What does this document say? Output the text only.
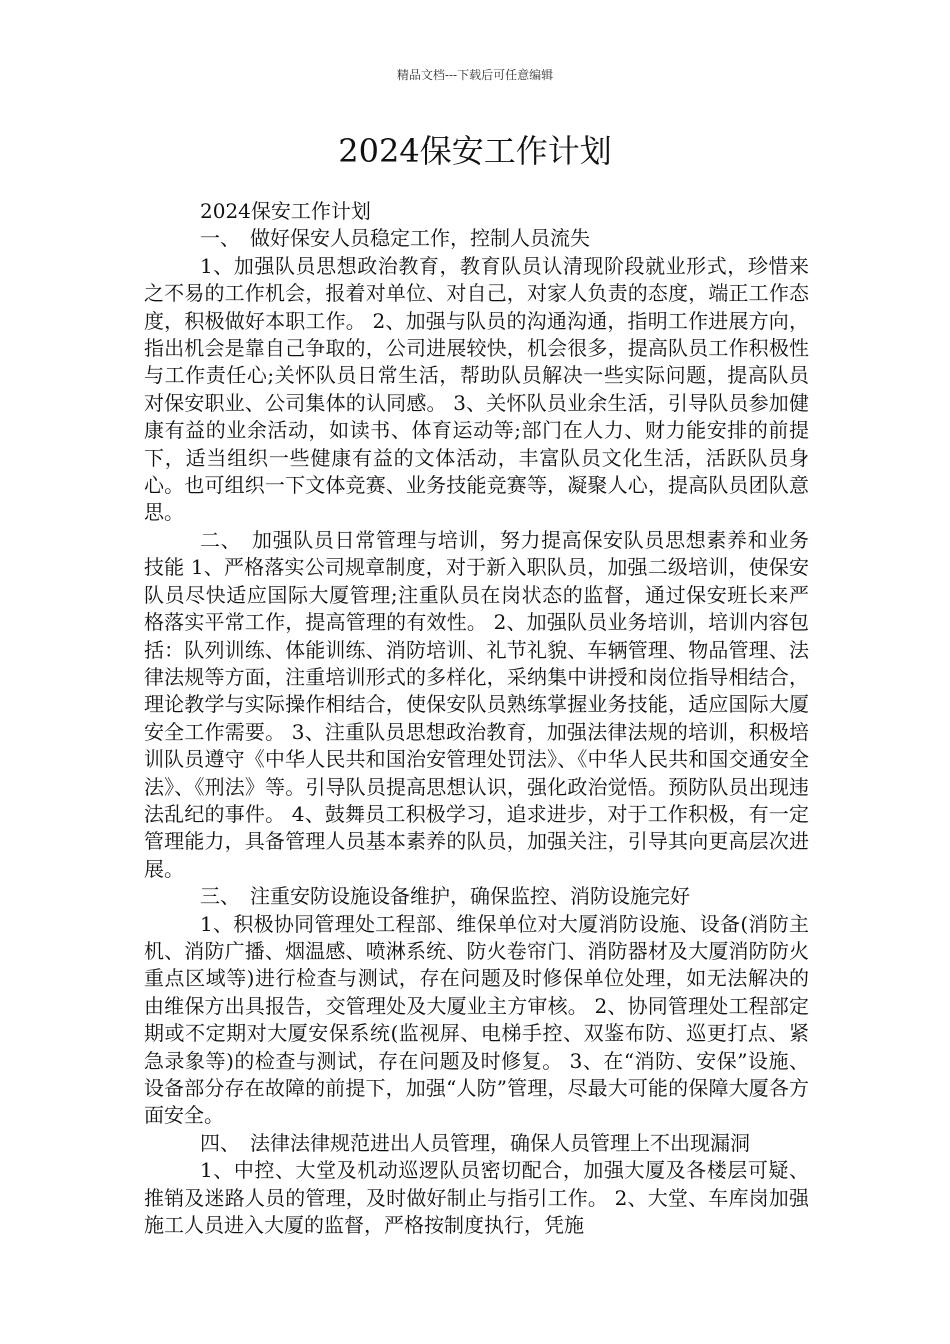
精品文档---下载后可任意编辑
2024保安工作计划

2024保安工作计划

一、　做好保安人员稳定工作，控制人员流失

1、加强队员思想政治教育，教育队员认清现阶段就业形式，珍惜来之不易的工作机会，报着对单位、对自己，对家人负责的态度，端正工作态度，积极做好本职工作。 2、加强与队员的沟通沟通，指明工作进展方向，指出机会是靠自己争取的，公司进展较快，机会很多，提高队员工作积极性与工作责任心;关怀队员日常生活，帮助队员解决一些实际问题，提高队员对保安职业、公司集体的认同感。 3、关怀队员业余生活，引导队员参加健康有益的业余活动，如读书、体育运动等;部门在人力、财力能安排的前提下，适当组织一些健康有益的文体活动，丰富队员文化生活，活跃队员身心。也可组织一下文体竞赛、业务技能竞赛等，凝聚人心，提高队员团队意思。

二、　加强队员日常管理与培训，努力提高保安队员思想素养和业务技能 1、严格落实公司规章制度，对于新入职队员，加强二级培训，使保安队员尽快适应国际大厦管理;注重队员在岗状态的监督，通过保安班长来严格落实平常工作，提高管理的有效性。 2、加强队员业务培训，培训内容包括：队列训练、体能训练、消防培训、礼节礼貌、车辆管理、物品管理、法律法规等方面，注重培训形式的多样化，采纳集中讲授和岗位指导相结合，理论教学与实际操作相结合，使保安队员熟练掌握业务技能，适应国际大厦安全工作需要。 3、注重队员思想政治教育，加强法律法规的培训，积极培训队员遵守《中华人民共和国治安管理处罚法》、《中华人民共和国交通安全法》、《刑法》等。引导队员提高思想认识，强化政治觉悟。预防队员出现违法乱纪的事件。 4、鼓舞员工积极学习，追求进步，对于工作积极，有一定管理能力，具备管理人员基本素养的队员，加强关注，引导其向更高层次进展。

三、　注重安防设施设备维护，确保监控、消防设施完好

1、积极协同管理处工程部、维保单位对大厦消防设施、设备(消防主机、消防广播、烟温感、喷淋系统、防火卷帘门、消防器材及大厦消防防火重点区域等)进行检查与测试，存在问题及时修保单位处理，如无法解决的由维保方出具报告，交管理处及大厦业主方审核。 2、协同管理处工程部定期或不定期对大厦安保系统(监视屏、电梯手控、双鉴布防、巡更打点、紧急录象等)的检查与测试，存在问题及时修复。 3、在“消防、安保”设施、设备部分存在故障的前提下，加强“人防”管理，尽最大可能的保障大厦各方面安全。

四、　法律法律规范进出人员管理，确保人员管理上不出现漏洞

1、中控、大堂及机动巡逻队员密切配合，加强大厦及各楼层可疑、推销及迷路人员的管理，及时做好制止与指引工作。 2、大堂、车库岗加强施工人员进入大厦的监督，严格按制度执行，凭施
